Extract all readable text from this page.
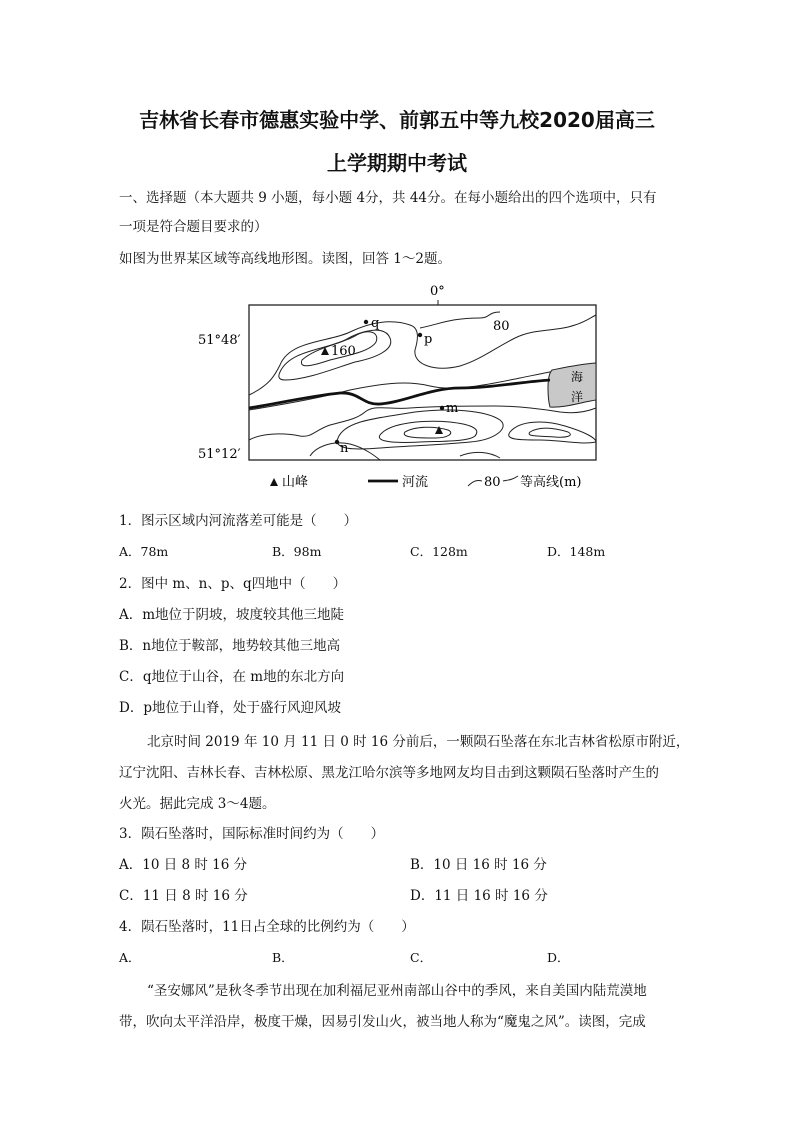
吉林省长春市德惠实验中学、前郭五中等九校2020届高三
上学期期中考试
一、选择题（本大题共 9 小题，每小题 4分，共 44分。在每小题给出的四个选项中，只有
一项是符合题目要求的）
如图为世界某区域等高线地形图。读图，回答 1～2题。
0°
51°48′
51°12′
海
洋
80
160
q
p
m
n
山峰	河流	80 等高线(m)
1．图示区域内河流落差可能是（　　）
A．78m	B．98m	C．128m	D．148m
2．图中 m、n、p、q四地中（　　）
A．m地位于阴坡，坡度较其他三地陡
B．n地位于鞍部，地势较其他三地高
C．q地位于山谷，在 m地的东北方向
D．p地位于山脊，处于盛行风迎风坡
北京时间 2019 年 10 月 11 日 0 时 16 分前后，一颗陨石坠落在东北吉林省松原市附近，
辽宁沈阳、吉林长春、吉林松原、黑龙江哈尔滨等多地网友均目击到这颗陨石坠落时产生的
火光。据此完成 3～4题。
3．陨石坠落时，国际标准时间约为（　　）
A．10 日 8 时 16 分	B．10 日 16 时 16 分
C．11 日 8 时 16 分	D．11 日 16 时 16 分
4．陨石坠落时，11日占全球的比例约为（　　）
A．	B．	C．	D．
“圣安娜风”是秋冬季节出现在加利福尼亚州南部山谷中的季风，来自美国内陆荒漠地
带，吹向太平洋沿岸，极度干燥，因易引发山火，被当地人称为“魔鬼之风”。读图，完成
